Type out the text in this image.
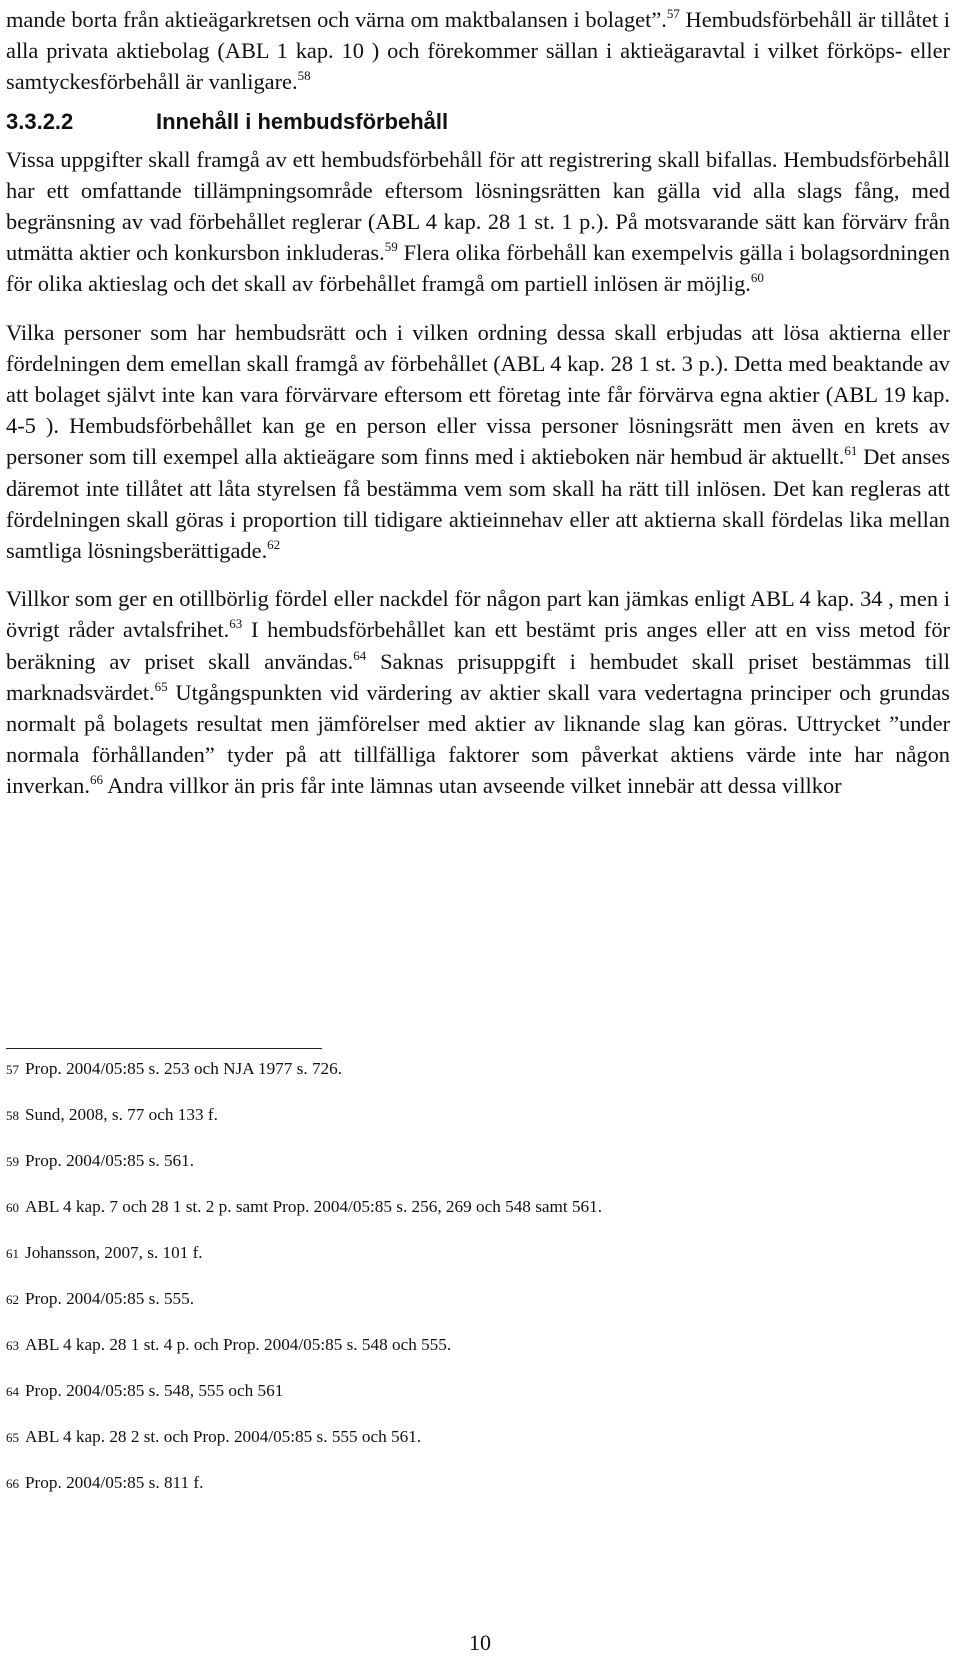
mande borta från aktieägarkretsen och värna om maktbalansen i bolaget”.$^{57}$ Hembudsförbehåll är tillåtet i alla privata aktiebolag (ABL 1 kap. 10 ) och förekommer sällan i aktieägaravtal i vilket förköps- eller samtyckesförbehåll är vanligare.$^{58}$

3.3.2.2	Innehåll i hembudsförbehåll

Vissa uppgifter skall framgå av ett hembudsförbehåll för att registrering skall bifallas. Hembudsförbehåll har ett omfattande tillämpningsområde eftersom lösningsrätten kan gälla vid alla slags fång, med begränsning av vad förbehållet reglerar (ABL 4 kap. 28 1 st. 1 p.). På motsvarande sätt kan förvärv från utmätta aktier och konkursbon inkluderas.$^{59}$ Flera olika förbehåll kan exempelvis gälla i bolagsordningen för olika aktieslag och det skall av förbehållet framgå om partiell inlösen är möjlig.$^{60}$

Vilka personer som har hembudsrätt och i vilken ordning dessa skall erbjudas att lösa aktierna eller fördelningen dem emellan skall framgå av förbehållet (ABL 4 kap. 28 1 st. 3 p.). Detta med beaktande av att bolaget självt inte kan vara förvärvare eftersom ett företag inte får förvärva egna aktier (ABL 19 kap. 4-5 ). Hembudsförbehållet kan ge en person eller vissa personer lösningsrätt men även en krets av personer som till exempel alla aktieägare som finns med i aktieboken när hembud är aktuellt.$^{61}$ Det anses däremot inte tillåtet att låta styrelsen få bestämma vem som skall ha rätt till inlösen. Det kan regleras att fördelningen skall göras i proportion till tidigare aktieinnehav eller att aktierna skall fördelas lika mellan samtliga lösningsberättigade.$^{62}$

Villkor som ger en otillbörlig fördel eller nackdel för någon part kan jämkas enligt ABL 4 kap. 34 , men i övrigt råder avtalsfrihet.$^{63}$ I hembudsförbehållet kan ett bestämt pris anges eller att en viss metod för beräkning av priset skall användas.$^{64}$ Saknas prisuppgift i hembudet skall priset bestämmas till marknadsvärdet.$^{65}$ Utgångspunkten vid värdering av aktier skall vara vedertagna principer och grundas normalt på bolagets resultat men jämförelser med aktier av liknande slag kan göras. Uttrycket ”under normala förhållanden” tyder på att tillfälliga faktorer som påverkat aktiens värde inte har någon inverkan.$^{66}$ Andra villkor än pris får inte lämnas utan avseende vilket innebär att dessa villkor

57 Prop. 2004/05:85 s. 253 och NJA 1977 s. 726.

58 Sund, 2008, s. 77 och 133 f.

59 Prop. 2004/05:85 s. 561.

60 ABL 4 kap. 7 och 28 1 st. 2 p. samt Prop. 2004/05:85 s. 256, 269 och 548 samt 561.

61 Johansson, 2007, s. 101 f.

62 Prop. 2004/05:85 s. 555.

63 ABL 4 kap. 28 1 st. 4 p. och Prop. 2004/05:85 s. 548 och 555.

64 Prop. 2004/05:85 s. 548, 555 och 561

65 ABL 4 kap. 28 2 st. och Prop. 2004/05:85 s. 555 och 561.

66 Prop. 2004/05:85 s. 811 f.

10
